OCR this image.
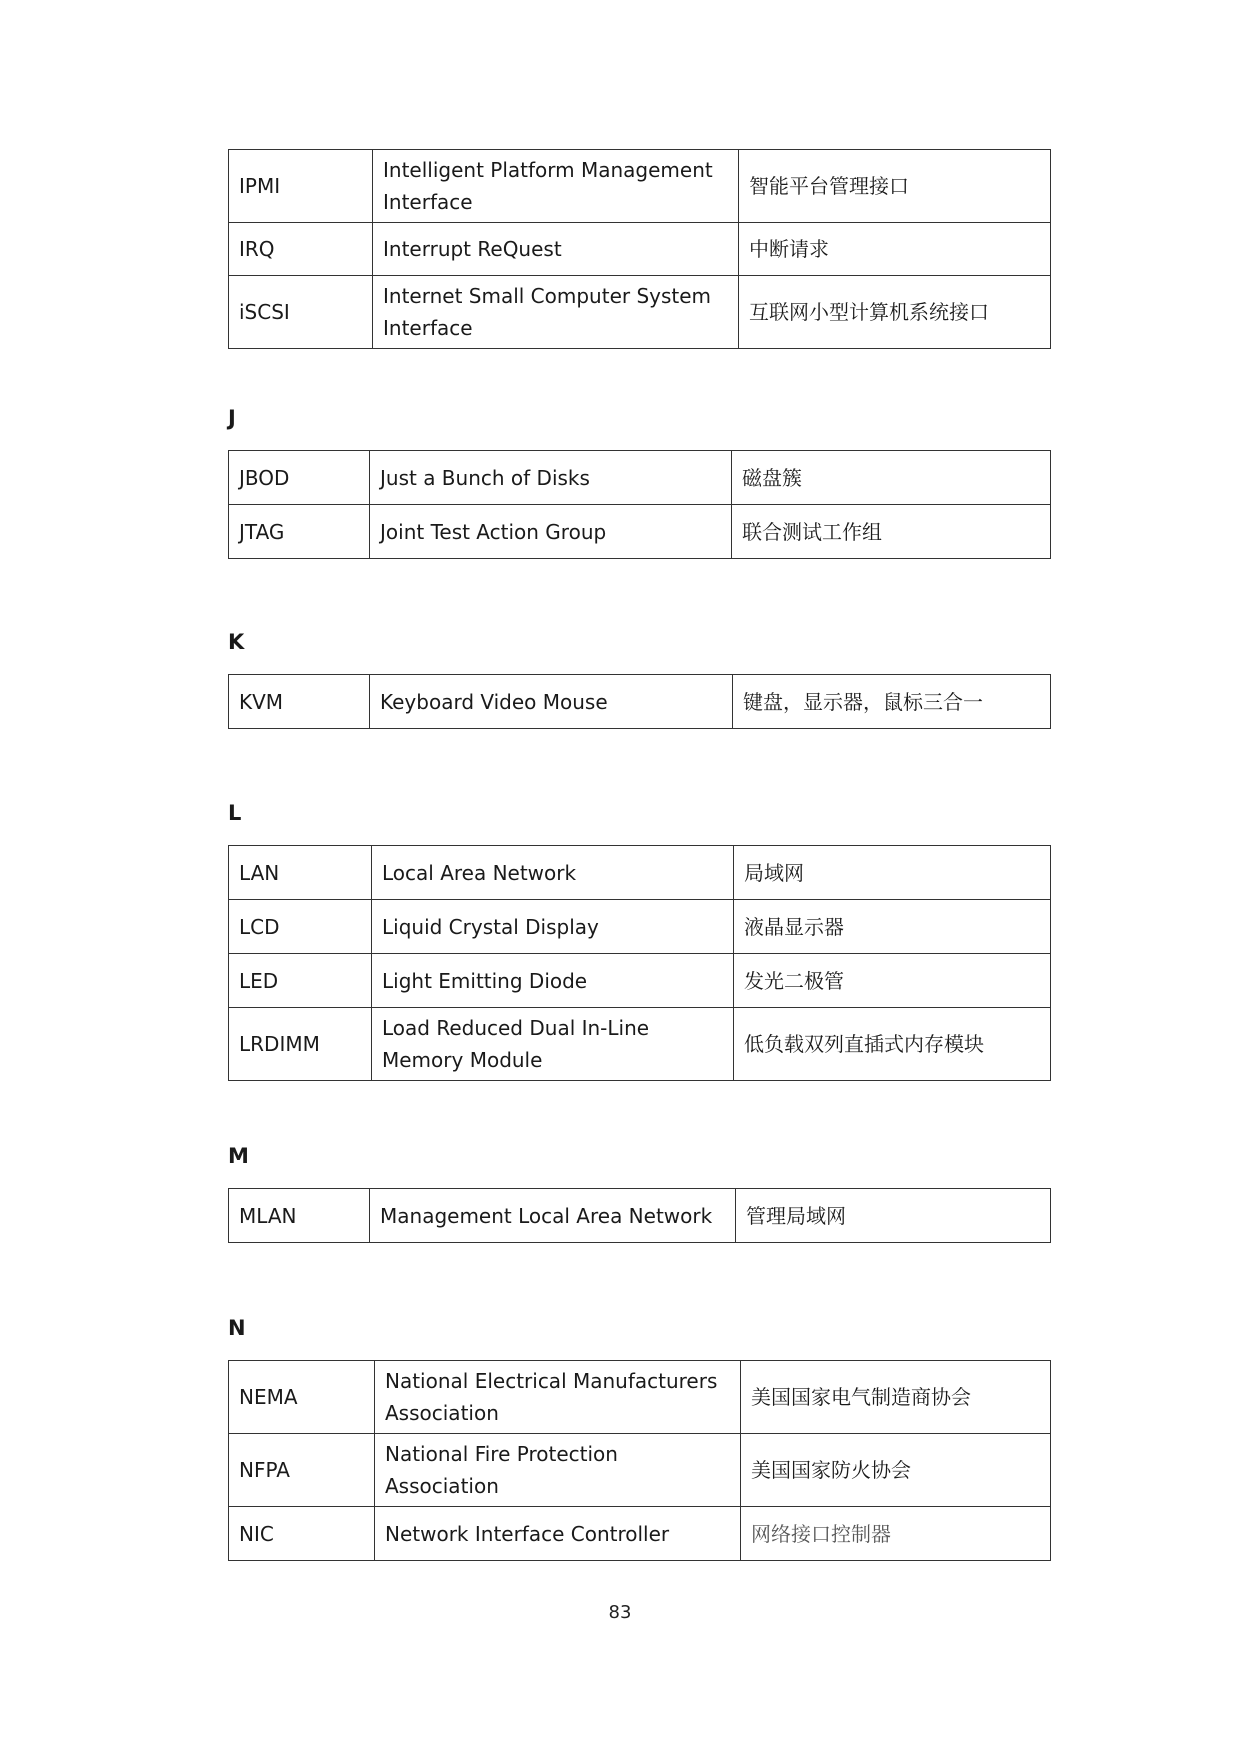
IPMI	Intelligent Platform Management Interface	智能平台管理接口
IRQ	Interrupt ReQuest	中断请求
iSCSI	Internet Small Computer System Interface	互联网小型计算机系统接口
J
JBOD	Just a Bunch of Disks	磁盘簇
JTAG	Joint Test Action Group	联合测试工作组
K
KVM	Keyboard Video Mouse	键盘，显示器，鼠标三合一
L
LAN	Local Area Network	局域网
LCD	Liquid Crystal Display	液晶显示器
LED	Light Emitting Diode	发光二极管
LRDIMM	Load Reduced Dual In-Line Memory Module	低负载双列直插式内存模块
M
MLAN	Management Local Area Network	管理局域网
N
NEMA	National Electrical Manufacturers Association	美国国家电气制造商协会
NFPA	National Fire Protection Association	美国国家防火协会
NIC	Network Interface Controller	网络接口控制器
83
